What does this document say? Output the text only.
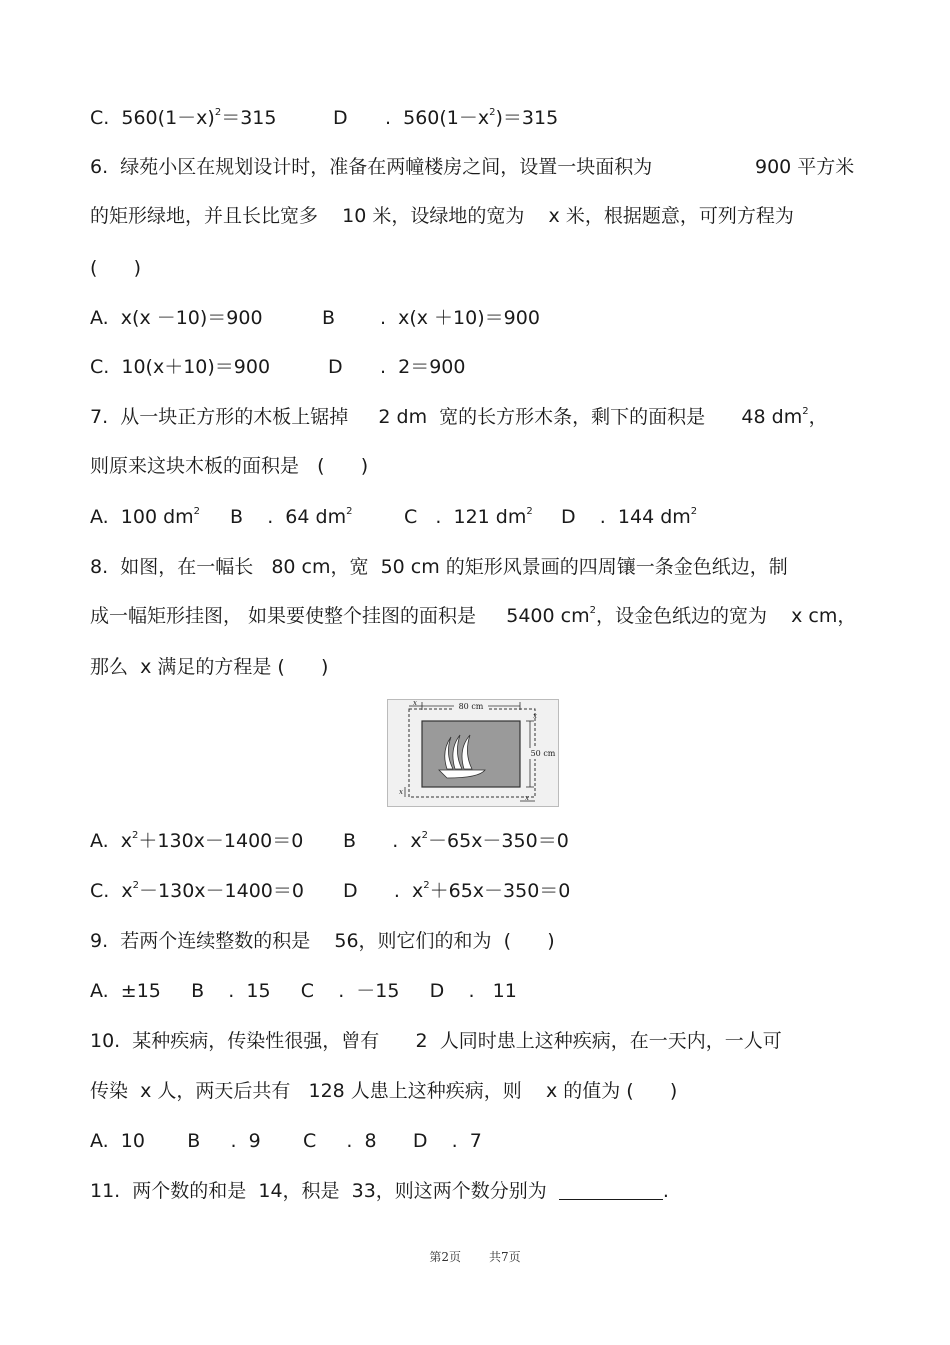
C.  $560(1-x)^2=315$	D .  $560(1-x^2)=315$
6.  绿苑小区在规划设计时，准备在两幢楼房之间，设置一块面积为	900 平方米
的矩形绿地，并且长比宽多    10 米，设绿地的宽为    x 米，根据题意，可列方程为
(      )
A.  x(x －10)＝900	B .  x(x ＋10)＝900
C.  10(x＋10)＝900	D .  2＝900
7.  从一块正方形的木板上锯掉     2 dm  宽的长方形木条，剩下的面积是      48 $dm^2$，
则原来这块木板的面积是   (      )
A.  100 $dm^2$ B    .  64 $dm^2$	C   .  121 $dm^2$ D    .  144 $dm^2$
8.  如图，在一幅长   80 cm，宽  50 cm 的矩形风景画的四周镶一条金色纸边，制
成一幅矩形挂图， 如果要使整个挂图的面积是     5400 $cm^2$，设金色纸边的宽为    x cm，
那么  x 满足的方程是 (      )
80 cm
x
50 cm
x
x
x
A.  $x^2+130x-1400=0$ B      .  $x^2-65x-350=0$
C.  $x^2-130x-1400=0$ D      .  $x^2+65x-350=0$
9.  若两个连续整数的积是    56，则它们的和为  (      )
A.  ±15     B    .  15     C    .  －15     D    .   11
10.  某种疾病，传染性很强，曾有      2  人同时患上这种疾病，在一天内，一人可
传染  x 人，两天后共有   128 人患上这种疾病，则    x 的值为 (      )
A.  10       B     .  9       C     .  8      D    .  7
11.  两个数的和是  14，积是  33，则这两个数分别为	.
第2页 共7页
